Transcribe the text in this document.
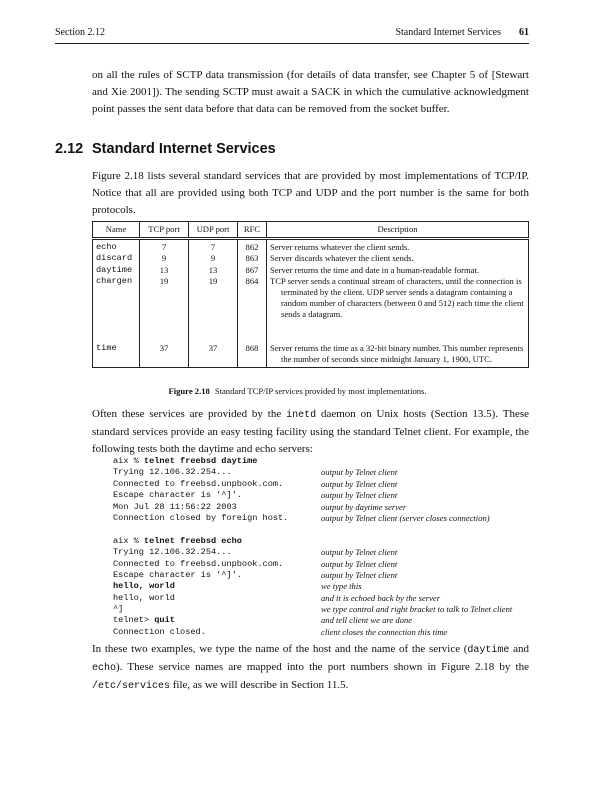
Section 2.12	Standard Internet Services 61

on all the rules of SCTP data transmission (for details of data transfer, see Chapter 5 of [Stewart and Xie 2001]). The sending SCTP must await a SACK in which the cumulative acknowledgment point passes the sent data before that data can be removed from the socket buffer.

2.12 Standard Internet Services

Figure 2.18 lists several standard services that are provided by most implementations of TCP/IP. Notice that all are provided using both TCP and UDP and the port number is the same for both protocols.

Name	TCP port	UDP port	RFC	Description
echo	7	7	862	Server returns whatever the client sends.
discard	9	9	863	Server discards whatever the client sends.
daytime	13	13	867	Server returns the time and date in a human-readable format.
chargen	19	19	864	TCP server sends a continual stream of characters, until the connection is terminated by the client. UDP server sends a datagram containing a random number of characters (between 0 and 512) each time the client sends a datagram.

time	37	37	868	Server returns the time as a 32-bit binary number. This number represents the number of seconds since midnight January 1, 1900, UTC.
Figure 2.18 Standard TCP/IP services provided by most implementations.

Often these services are provided by the inetd daemon on Unix hosts (Section 13.5). These standard services provide an easy testing facility using the standard Telnet client. For example, the following tests both the daytime and echo servers:

aix % telnet freebsd daytime
Trying 12.106.32.254...	output by Telnet client
Connected to freebsd.unpbook.com.	output by Telnet client
Escape character is '^]'.	output by Telnet client
Mon Jul 28 11:56:22 2003	output by daytime server
Connection closed by foreign host.	output by Telnet client (server closes connection)
aix % telnet freebsd echo
Trying 12.106.32.254...	output by Telnet client
Connected to freebsd.unpbook.com.	output by Telnet client
Escape character is '^]'.	output by Telnet client
hello, world	we type this
hello, world	and it is echoed back by the server
^]	we type control and right bracket to talk to Telnet client
telnet> quit	and tell client we are done
Connection closed.	client closes the connection this time

In these two examples, we type the name of the host and the name of the service (daytime and echo). These service names are mapped into the port numbers shown in Figure 2.18 by the /etc/services file, as we will describe in Section 11.5.
